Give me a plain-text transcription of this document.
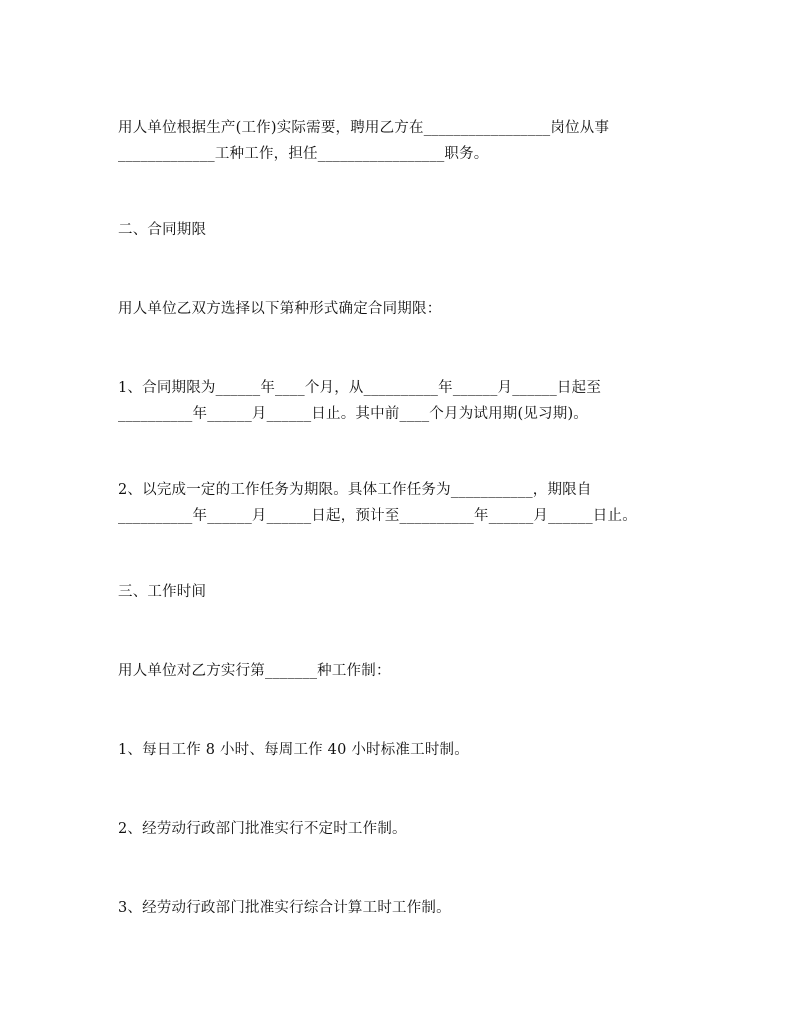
用人单位根据生产(工作)实际需要，聘用乙方在_________________岗位从事
_____________工种工作，担任_________________职务。
二、合同期限
用人单位乙双方选择以下第种形式确定合同期限：
1、合同期限为______年____个月，从__________年______月______日起至
__________年______月______日止。其中前____个月为试用期(见习期)。
2、以完成一定的工作任务为期限。具体工作任务为___________，期限自
__________年______月______日起，预计至__________年______月______日止。
三、工作时间
用人单位对乙方实行第_______种工作制：
1、每日工作 8 小时、每周工作 40 小时标准工时制。
2、经劳动行政部门批准实行不定时工作制。
3、经劳动行政部门批准实行综合计算工时工作制。
